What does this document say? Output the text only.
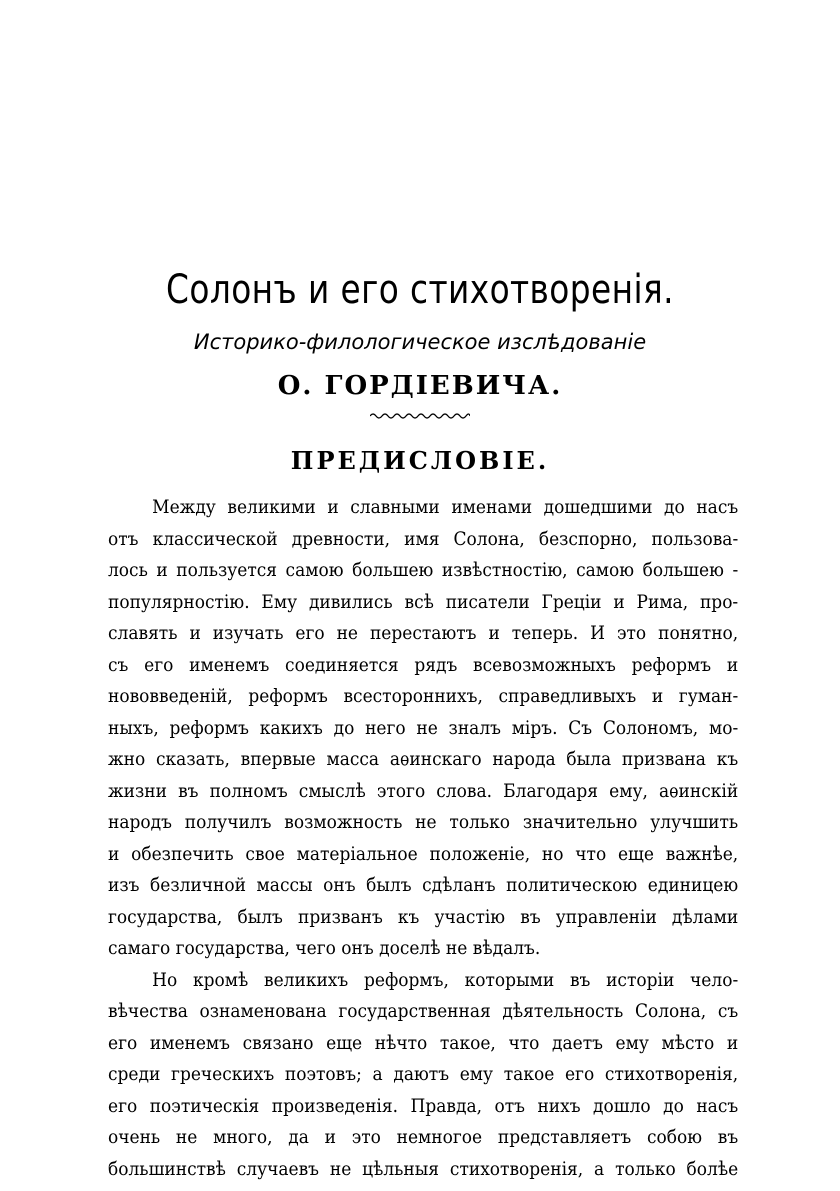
Солонъ и его стихотворенія.
Историко-филологическое изслѣдованіе
О. ГОРДІЕВИЧА.
ПРЕДИСЛОВІЕ.
Между великими и славными именами дошедшими до насъ
отъ классической древности, имя Солона, безспорно, пользова-
лось и пользуется самою большею извѣстностію, самою большею -
популярностію. Ему дивились всѣ писатели Греціи и Рима, про-
славять и изучать его не перестаютъ и теперь. И это понятно,
съ его именемъ соединяется рядъ всевозможныхъ реформъ и
нововведеній, реформъ всестороннихъ, справедливыхъ и гуман-
ныхъ, реформъ какихъ до него не зналъ міръ. Съ Солономъ, мо-
жно сказать, впервые масса аѳинскаго народа была призвана къ
жизни въ полномъ смыслѣ этого слова. Благодаря ему, аѳинскій
народъ получилъ возможность не только значительно улучшить
и обезпечить свое матеріальное положеніе, но что еще важнѣе,
изъ безличной массы онъ былъ сдѣланъ политическою единицею
государства, былъ призванъ къ участію въ управленіи дѣлами
самаго государства, чего онъ доселѣ не вѣдалъ.
Но кромѣ великихъ реформъ, которыми въ исторіи чело-
вѣчества ознаменована государственная дѣятельность Солона, съ
его именемъ связано еще нѣчто такое, что даетъ ему мѣсто и
среди греческихъ поэтовъ; а даютъ ему такое его стихотворенія,
его поэтическія произведенія. Правда, отъ нихъ дошло до насъ
очень не много, да и это немногое представляетъ собою въ
большинствѣ случаевъ не цѣльныя стихотворенія, а только болѣе
